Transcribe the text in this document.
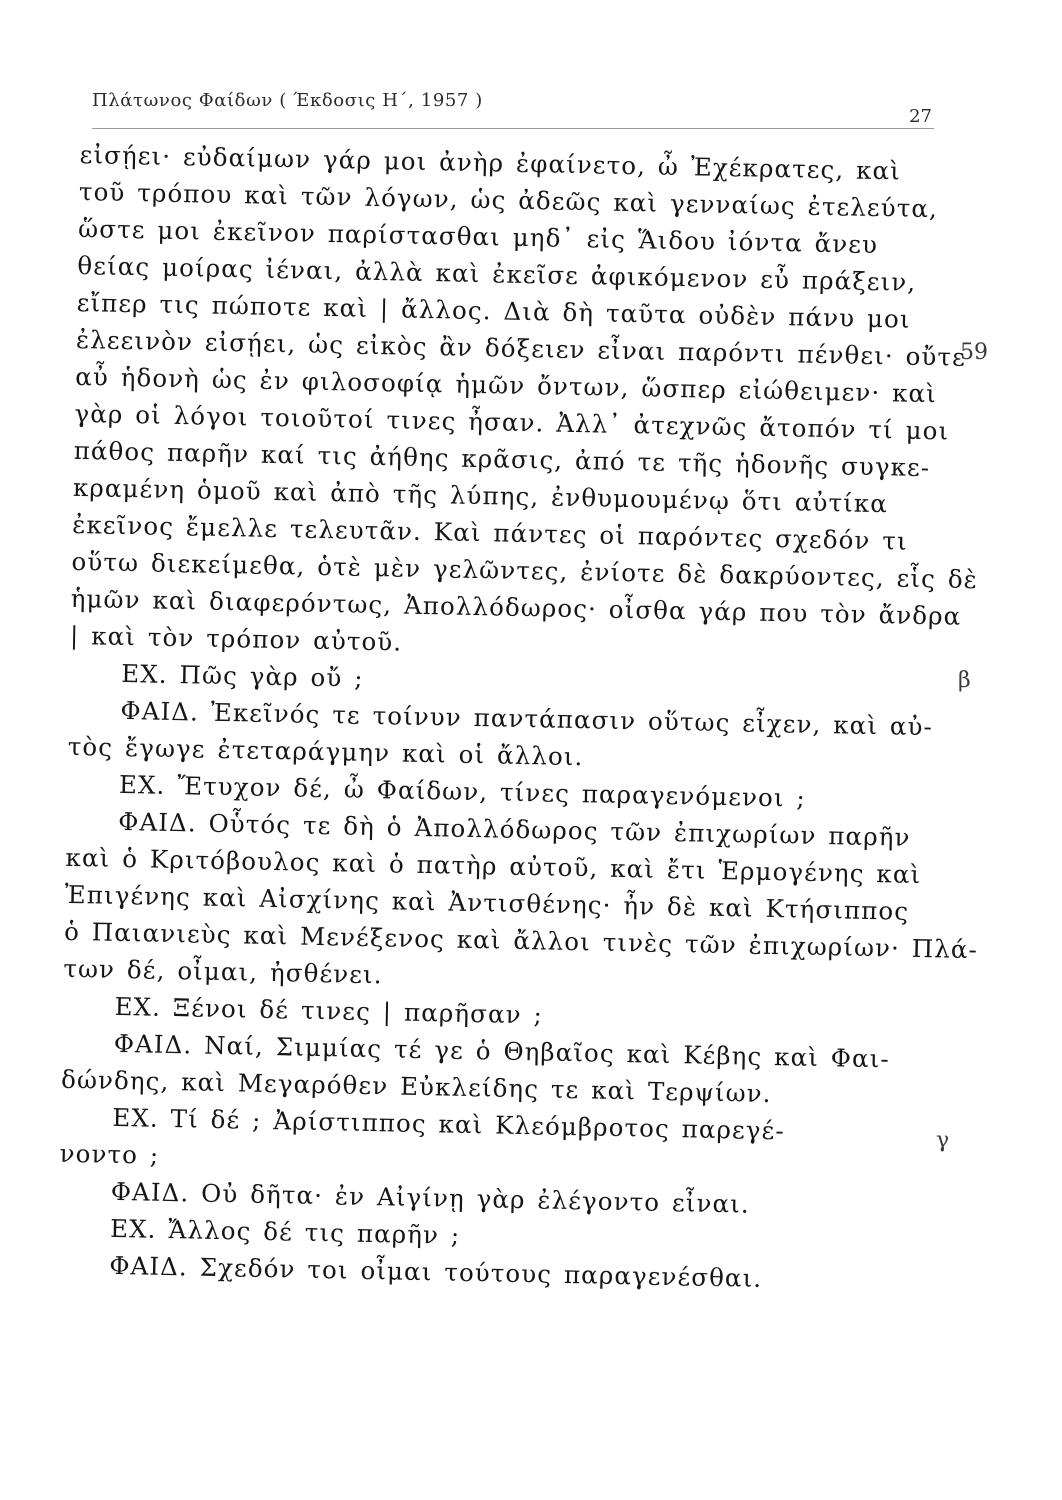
Πλάτωνος Φαίδων ( Έκδοσις Η΄, 1957 )
27
εἰσῄει· εὐδαίμων γάρ μοι ἀνὴρ ἐφαίνετο, ὦ Ἐχέκρατες, καὶ
τοῦ τρόπου καὶ τῶν λόγων, ὡς ἀδεῶς καὶ γενναίως ἐτελεύτα,
ὥστε μοι ἐκεῖνον παρίστασθαι μηδ᾽ εἰς Ἅιδου ἰόντα ἄνευ
θείας μοίρας ἰέναι, ἀλλὰ καὶ ἐκεῖσε ἀφικόμενον εὖ πράξειν,
εἴπερ τις πώποτε καὶ | ἄλλος. Διὰ δὴ ταῦτα οὐδὲν πάνυ μοι
ἐλεεινὸν εἰσῄει, ὡς εἰκὸς ἂν δόξειεν εἶναι παρόντι πένθει· οὔτε
αὖ ἡδονὴ ὡς ἐν φιλοσοφίᾳ ἡμῶν ὄντων, ὥσπερ εἰώθειμεν· καὶ
γὰρ οἱ λόγοι τοιοῦτοί τινες ἦσαν. Ἀλλ᾽ ἀτεχνῶς ἄτοπόν τί μοι
πάθος παρῆν καί τις ἀήθης κρᾶσις, ἀπό τε τῆς ἡδονῆς συγκε-
κραμένη ὁμοῦ καὶ ἀπὸ τῆς λύπης, ἐνθυμουμένῳ ὅτι αὐτίκα
ἐκεῖνος ἔμελλε τελευτᾶν. Καὶ πάντες οἱ παρόντες σχεδόν τι
οὕτω διεκείμεθα, ὁτὲ μὲν γελῶντες, ἐνίοτε δὲ δακρύοντες, εἷς δὲ
ἡμῶν καὶ διαφερόντως, Ἀπολλόδωρος· οἶσθα γάρ που τὸν ἄνδρα
| καὶ τὸν τρόπον αὐτοῦ.
ΕΧ. Πῶς γὰρ οὔ ;
ΦΑΙΔ. Ἐκεῖνός τε τοίνυν παντάπασιν οὕτως εἶχεν, καὶ αὐ-
τὸς ἔγωγε ἐτεταράγμην καὶ οἱ ἄλλοι.
ΕΧ. Ἔτυχον δέ, ὦ Φαίδων, τίνες παραγενόμενοι ;
ΦΑΙΔ. Οὗτός τε δὴ ὁ Ἀπολλόδωρος τῶν ἐπιχωρίων παρῆν
καὶ ὁ Κριτόβουλος καὶ ὁ πατὴρ αὐτοῦ, καὶ ἔτι Ἑρμογένης καὶ
Ἐπιγένης καὶ Αἰσχίνης καὶ Ἀντισθένης· ἦν δὲ καὶ Κτήσιππος
ὁ Παιανιεὺς καὶ Μενέξενος καὶ ἄλλοι τινὲς τῶν ἐπιχωρίων· Πλά-
των δέ, οἶμαι, ἠσθένει.
ΕΧ. Ξένοι δέ τινες | παρῆσαν ;
ΦΑΙΔ. Ναί, Σιμμίας τέ γε ὁ Θηβαῖος καὶ Κέβης καὶ Φαι-
δώνδης, καὶ Μεγαρόθεν Εὐκλείδης τε καὶ Τερψίων.
ΕΧ. Τί δέ ; Ἀρίστιππος καὶ Κλεόμβροτος παρεγέ-
νοντο ;
ΦΑΙΔ. Οὐ δῆτα· ἐν Αἰγίνῃ γὰρ ἐλέγοντο εἶναι.
ΕΧ. Ἄλλος δέ τις παρῆν ;
ΦΑΙΔ. Σχεδόν τοι οἶμαι τούτους παραγενέσθαι.
59
β
γ
